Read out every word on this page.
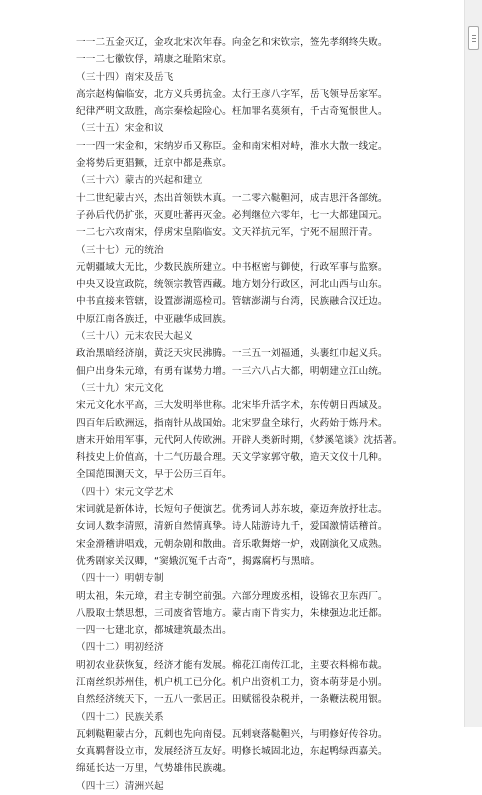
一一二五金灭辽，金攻北宋次年春。向金乞和宋钦宗，签先孝纲终失败。
一一二七徽钦俘，靖康之耻陷宋京。
（三十四）南宋及岳飞
高宗赵构偏临安，北方义兵勇抗金。太行王彦八字军，岳飞领导岳家军。
纪律严明文敌胜，高宗秦桧起险心。枉加罪名莫须有，千古奇冤恨世人。
（三十五）宋金和议
一一四一宋金和，宋纳岁币又称臣。金和南宋相对峙，淮水大散一线定。
金将势后更猖獗，迁京中都是燕京。
（三十六）蒙古的兴起和建立
十二世纪蒙古兴，杰出首领铁木真。一二零六鞑靼河，成吉思汗各部统。
子孙后代仍扩张，灭夏吐蕃再灭金。必判继位六零年，七一大都建国元。
一二七六攻南宋，俘虏宋皇陷临安。文天祥抗元军，宁死不屈照汗青。
（三十七）元的统治
元朝疆域大无比，少数民族所建立。中书枢密与御使，行政军事与监察。
中央又设宣政院，统领宗教管西藏。地方划分行政区，河北山西与山东。
中书直接来管辖，设置澎湖巡检司。管辖澎湖与台湾，民族融合汉迁边。
中原江南各族迁，中亚融华成回族。
（三十八）元末农民大起义
政治黑暗经济崩，黄泛天灾民沸腾。一三五一刘福通，头裹红巾起义兵。
佃户出身朱元璋，有勇有谋势力增。一三六八占大都，明朝建立江山统。
（三十九）宋元文化
宋元文化水平高，三大发明举世称。北宋毕升活字术，东传朝日西域及。
四百年后欧洲远，指南针从战国始。北宋罗盘全球行，火药始于炼丹术。
唐末开始用军事，元代阿人传欧洲。开辟人类新时期，《梦溪笔谈》沈括著。
科技史上价值高，十二气历最合理。天文学家郭守敬，造天文仪十几种。
全国范围测天文，早于公历三百年。
（四十）宋元文学艺术
宋词就是新体诗，长短句子便演艺。优秀词人苏东坡，豪迈奔放抒壮志。
女词人数李清照，清新自然情真挚。诗人陆游诗九千，爱国激情话稽首。
宋金滑稽讲唱戏，元朝杂剧和散曲。音乐歌舞熔一炉，戏剧演化又成熟。
优秀剧家关汉卿，“窦娥沉冤千古奇”，揭露腐朽与黑暗。
（四十一）明朝专制
明太祖，朱元璋，君主专制空前强。六部分理废丞相，设锦衣卫东西厂。
八股取士禁思想，三司废省管地方。蒙古南下肯实力，朱棣强边北迁都。
一四一七建北京，都城建筑最杰出。
（四十二）明初经济
明初农业获恢复，经济才能有发展。棉花江南传江北，主要衣料棉布裁。
江南丝织苏州佳，机户机工已分化。机户出资机工力，资本萌芽是小别。
自然经济统天下，一五八一张居正。田赋徭役杂税并，一条鞭法税用银。
（四十二）民族关系
瓦剌鞑靼蒙古分，瓦刺也先向南侵。瓦剌衰落鞑靼兴，与明修好传谷功。
女真羁督设立市，发展经济互友好。明修长城固北边，东起鸭绿西嘉关。
绵延长达一万里，气势雄伟民族魂。
（四十三）清洲兴起
